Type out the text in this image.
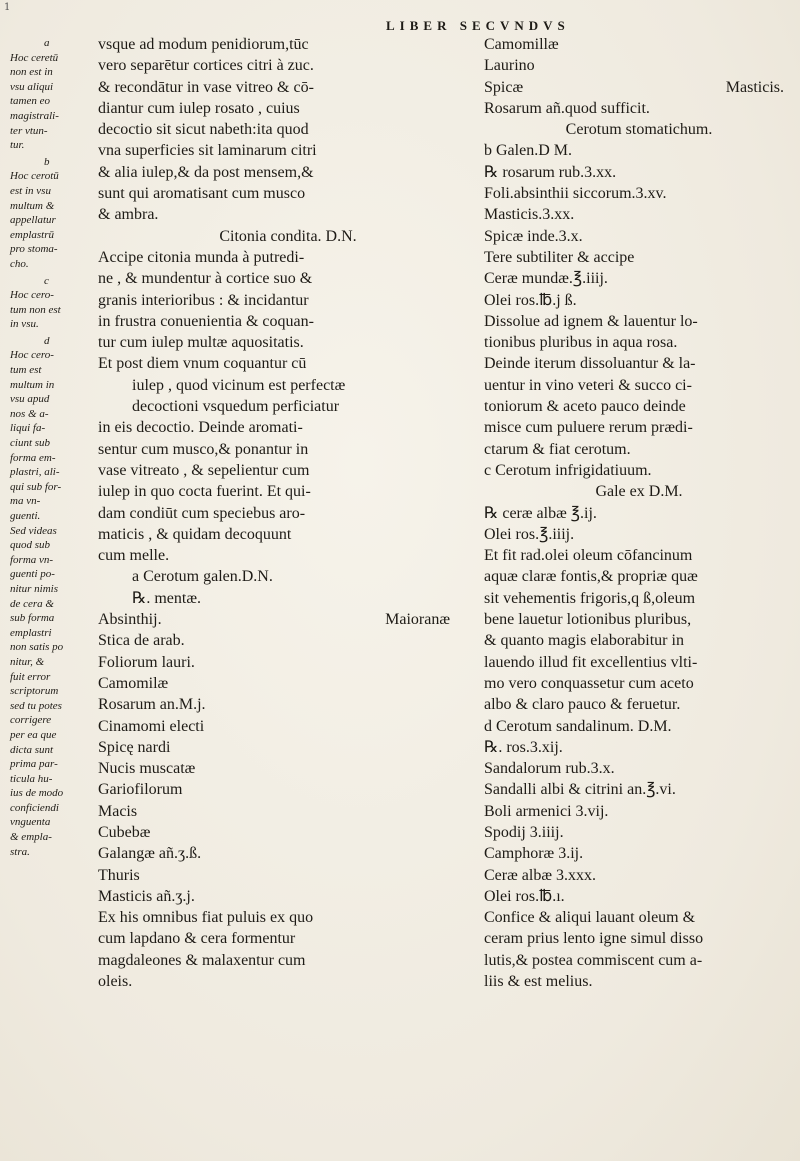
1
LIBER SECVNDVS
a
Hoc ceretū
non est in
vsu aliqui
tamen eo
magistrali-
ter vtun-
tur.
b
Hoc cerotū
est in vsu
multum &
appellatur
emplastrū
pro stoma-
cho.
c
Hoc cero-
tum non est
in vsu.
d
Hoc cero-
tum est
multum in
vsu apud
nos & a-
liqui fa-
ciunt sub
forma em-
plastri, ali-
qui sub for-
ma vn-
guenti.
Sed videas
quod sub
forma vn-
guenti po-
nitur nimis
de cera &
sub forma
emplastri
non satis po
nitur, &
fuit error
scriptorum
sed tu potes
corrigere
per ea que
dicta sunt
prima par-
ticula hu-
ius de modo
conficiendi
vnguenta
& empla-
stra.
vsque ad modum penidiorum,tūc
vero separētur cortices citri à zuc.
& recondātur in vase vitreo & cō-
diantur cum iulep rosato , cuius
decoctio sit sicut nabeth:ita quod
vna superficies sit laminarum citri
& alia iulep,& da post mensem,&
sunt qui aromatisant cum musco
& ambra.
Citonia condita. D.N.
Accipe citonia munda à putredi-
ne , & mundentur à cortice suo &
granis interioribus : & incidantur
in frustra conuenientia & coquan-
tur cum iulep multæ aquositatis.
Et post diem vnum coquantur cū
iulep , quod vicinum est perfectæ
decoctioni vsquedum perficiatur
in eis decoctio. Deinde aromati-
sentur cum musco,& ponantur in
vase vitreato , & sepelientur cum
iulep in quo cocta fuerint. Et qui-
dam condiūt cum speciebus aro-
maticis , & quidam decoquunt
cum melle.
a Cerotum galen.D.N.
℞. mentæ.
Absinthij.	Maioranæ
Stica de arab.
Foliorum lauri.
Camomilæ
Rosarum an.M.j.
Cinamomi electi
Spicę nardi
Nucis muscatæ
Gariofilorum
Macis
Cubebæ
Galangæ añ.ʒ.ß.
Thuris
Masticis añ.ʒ.j.
Ex his omnibus fiat puluis ex quo
cum lapdano & cera formentur
magdaleones & malaxentur cum
oleis.
Camomillæ
Laurino
Spicæ	Masticis.
Rosarum añ.quod sufficit.
Cerotum stomatichum.
b Galen.D M.
℞ rosarum rub.3.xx.
Foli.absinthii siccorum.3.xv.
Masticis.3.xx.
Spicæ inde.3.x.
Tere subtiliter & accipe
Ceræ mundæ.℥.iiij.
Olei ros.℔.j ß.
Dissolue ad ignem & lauentur lo-
tionibus pluribus in aqua rosa.
Deinde iterum dissoluantur & la-
uentur in vino veteri & succo ci-
toniorum & aceto pauco deinde
misce cum puluere rerum prædi-
ctarum & fiat cerotum.
c Cerotum infrigidatiuum.
Gale ex D.M.
℞ ceræ albæ ℥.ij.
Olei ros.℥.iiij.
Et fit rad.olei oleum cōfancinum
aquæ claræ fontis,& propriæ quæ
sit vehementis frigoris,q ß,oleum
bene lauetur lotionibus pluribus,
& quanto magis elaborabitur in
lauendo illud fit excellentius vlti-
mo vero conquassetur cum aceto
albo & claro pauco & feruetur.
d Cerotum sandalinum. D.M.
℞. ros.3.xij.
Sandalorum rub.3.x.
Sandalli albi & citrini an.℥.vi.
Boli armenici 3.vij.
Spodij 3.iiij.
Camphoræ 3.ij.
Ceræ albæ 3.xxx.
Olei ros.℔.ı.
Confice & aliqui lauant oleum &
ceram prius lento igne simul disso
lutis,& postea commiscent cum a-
liis & est melius.
